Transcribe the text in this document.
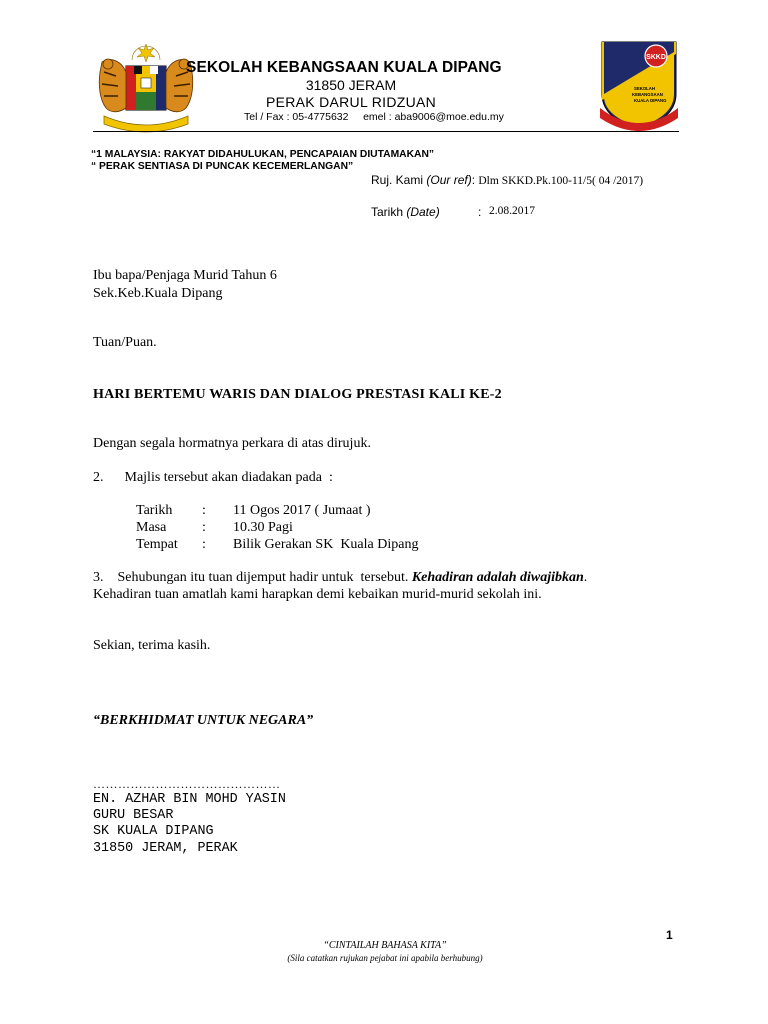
SEKOLAH KEBANGSAAN KUALA DIPANG
31850 JERAM
PERAK DARUL RIDZUAN
Tel / Fax : 05-4775632     emel : aba9006@moe.edu.my
SKKD
SEKOLAH
KEBANGSAAN
KUALA DIPANG
“1 MALAYSIA: RAKYAT DIDAHULUKAN, PENCAPAIAN DIUTAMAKAN”
“ PERAK SENTIASA DI PUNCAK KECEMERLANGAN”
Ruj. Kami (Our ref): Dlm SKKD.Pk.100-11/5( 04 /2017)
Tarikh (Date)	: 2.08.2017
Ibu bapa/Penjaga Murid Tahun 6
Sek.Keb.Kuala Dipang
Tuan/Puan.
HARI BERTEMU WARIS DAN DIALOG PRESTASI KALI KE-2
Dengan segala hormatnya perkara di atas dirujuk.
2.      Majlis tersebut akan diadakan pada  :
Tarikh : 11 Ogos 2017 ( Jumaat )
Masa	: 10.30 Pagi
Tempat : Bilik Gerakan SK  Kuala Dipang
3.    Sehubungan itu tuan dijemput hadir untuk  tersebut. Kehadiran adalah diwajibkan.
Kehadiran tuan amatlah kami harapkan demi kebaikan murid-murid sekolah ini.
Sekian, terima kasih.
“BERKHIDMAT UNTUK NEGARA”
………………………………………
EN. AZHAR BIN MOHD YASIN
GURU BESAR
SK KUALA DIPANG
31850 JERAM, PERAK
1
“CINTAILAH BAHASA KITA”
(Sila catatkan rujukan pejabat ini apabila berhubung)
